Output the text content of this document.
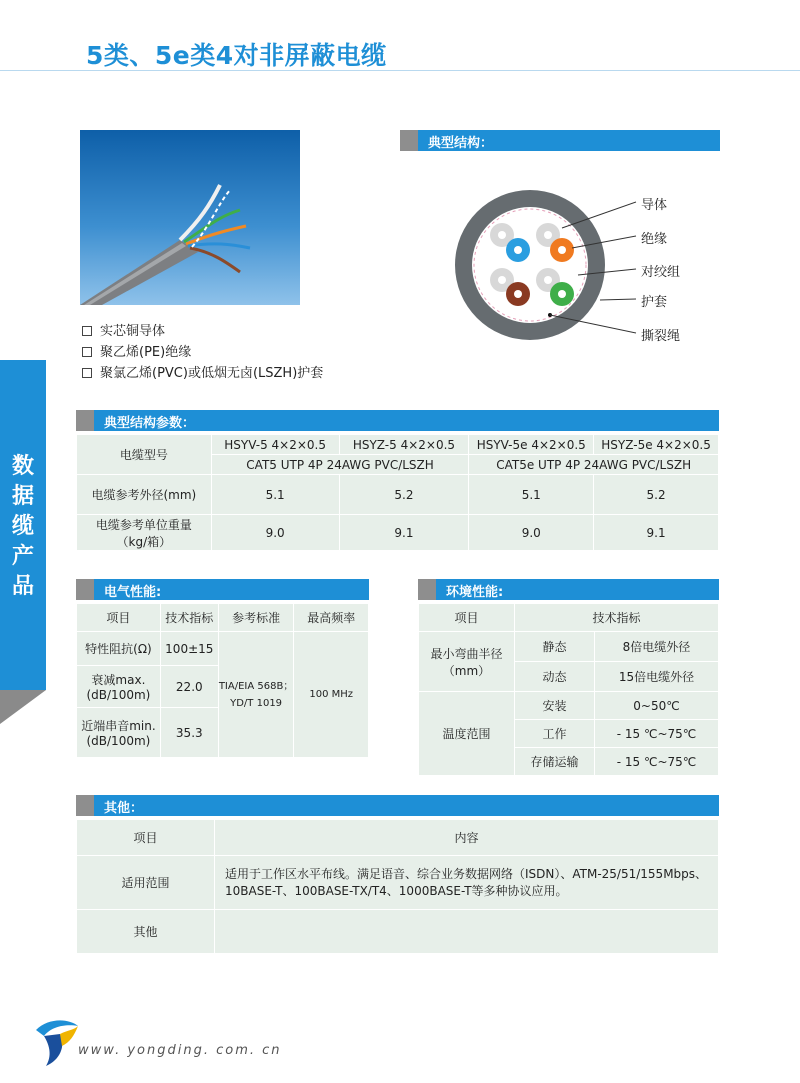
5类、5e类4对非屏蔽电缆
数
据
缆
产
品
实芯铜导体
聚乙烯(PE)绝缘
聚氯乙烯(PVC)或低烟无卤(LSZH)护套
典型结构：
导体
绝缘
对绞组
护套
撕裂绳
典型结构参数：
电缆型号	HSYV-5 4×2×0.5	HSYZ-5 4×2×0.5	HSYV-5e 4×2×0.5	HSYZ-5e 4×2×0.5
	CAT5 UTP 4P 24AWG PVC/LSZH		CAT5e UTP 4P 24AWG PVC/LSZH	
电缆参考外径(mm)	5.1	5.2	5.1	5.2

电缆参考单位重量
（kg/箱）	9.0	9.1	9.0	9.1
电气性能:
项目	技术指标	参考标准	最高频率
特性阻抗(Ω)	100±15	TIA/EIA 568B；
YD/T 1019	100 MHz

衰减max.
(dB/100m)	22.0		

近端串音min.
(dB/100m)	35.3		
环境性能:
项目	技术指标	

最小弯曲半径
（mm）	静态	8倍电缆外径
	动态	15倍电缆外径
温度范围	安装	0~50℃
	工作	- 15 ℃~75℃
	存储运输	- 15 ℃~75℃
其他：
项目	内容
适用范围	适用于工作区水平布线。满足语音、综合业务数据网络（ISDN）、ATM-25/51/155Mbps、
10BASE-T、100BASE-TX/T4、1000BASE-T等多种协议应用。

其他	
www. yongding. com. cn
